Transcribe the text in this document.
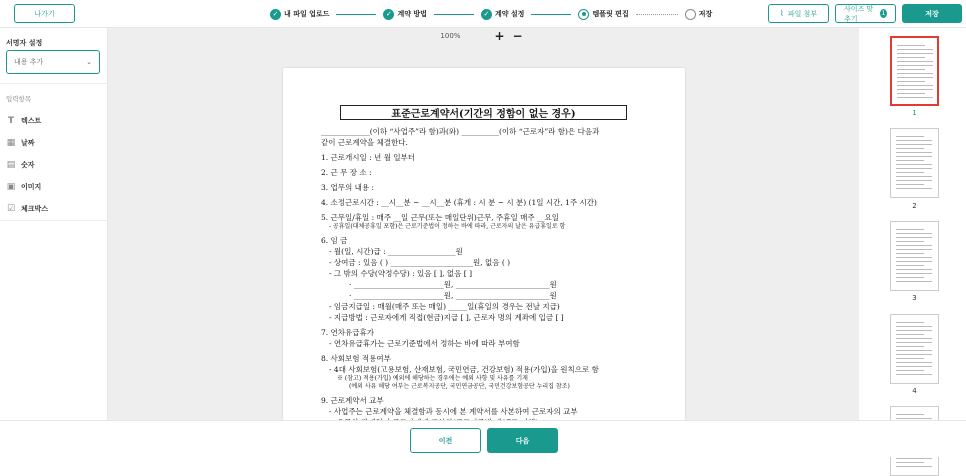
나가기	✓ 내 파일 업로드	✓ 계약 방법	✓ 계약 설정	템플릿 편집	저장	⌇ 파일 첨부
사이즈 맞추기
1	저장
서명자 설정
내용 추가	⌄
입력항목
T 텍스트
▦ 날짜
▤ 숫자
▣ 이미지
☑ 체크박스
100%	+ −
표준근로계약서(기간의 정함이 없는 경우)
_____________(이하 “사업주”라 함)과(와) __________(이하 “근로자”라 함)은 다음과
같이 근로계약을 체결한다.
1. 근로개시일 : 년 월 일부터
2. 근 무 장 소 :
3. 업무의 내용 :
4. 소정근로시간 : __시__분 ~ __시__분 (휴게 : 시 분 ~ 시 분) (1일 시간, 1주 시간)
5. 근무일/휴일 : 매주 __일 근무(또는 매일단위)근무, 주휴일 매주 __요일
- 공휴일(대체공휴일 포함)은 근로기준법이 정하는 바에 따라, 근로자의 날은 유급휴일로 함
6. 임 금
- 월(일, 시간)급 : __________________원
- 상여금 : 있음 ( ) ______________________원, 없음 ( )
- 그 밖의 수당(약정수당) : 있음 [ ], 없음 [ ]
· ________________________원, _________________________원
· ________________________원, _________________________원
- 임금지급일 : 매월(매주 또는 매일) _____일(휴일의 경우는 전날 지급)
- 지급방법 : 근로자에게 직접(현금)지급 [ ], 근로자 명의 계좌에 입금 [ ]
7. 연차유급휴가
- 연차유급휴가는 근로기준법에서 정하는 바에 따라 부여함
8. 사회보험 적용여부
- 4대 사회보험(고용보험, 산재보험, 국민연금, 건강보험) 적용(가입)을 원칙으로 함
※ (참고) 적용(가입) 예외에 해당하는 경우에는 예외 사항 및 사유를 기재
(예외 사유 해당 여부는 근로복지공단, 국민연금공단, 국민건강보험공단 누리집 참조)
9. 근로계약서 교부
- 사업주는 근로계약을 체결함과 동시에 본 계약서를 사본하여 근로자의 교부
1
2
3
4
이전	다음
